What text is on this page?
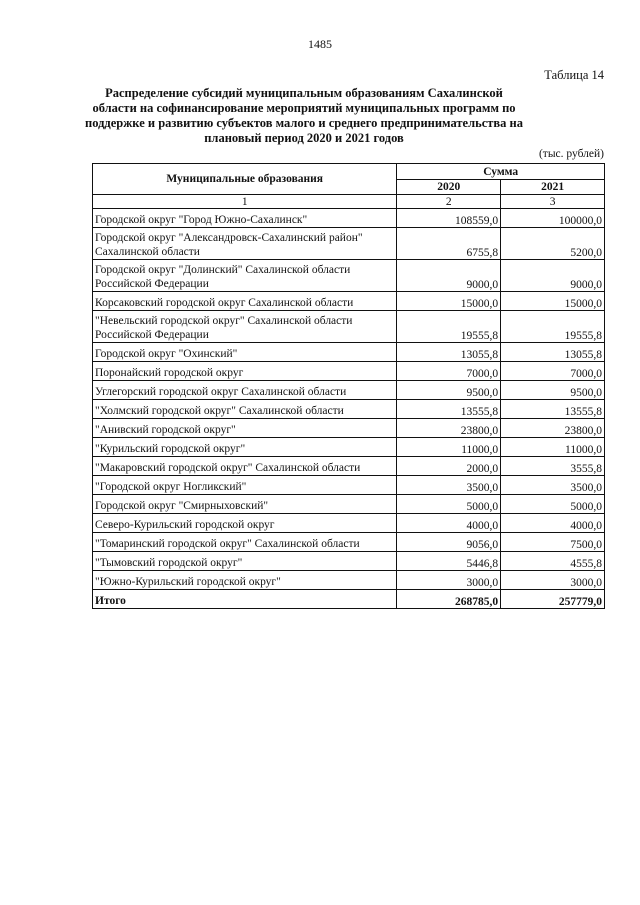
1485
Таблица 14
Распределение субсидий муниципальным образованиям Сахалинской области на софинансирование мероприятий муниципальных программ по поддержке и развитию субъектов малого и среднего предпринимательства на плановый период 2020 и 2021 годов
(тыс. рублей)
Муниципальные образования	Сумма	
	2020	2021
1	2	3
Городской округ "Город Южно-Сахалинск"	108559,0	100000,0
Городской округ "Александровск-Сахалинский район" Сахалинской области	6755,8	5200,0
Городской округ "Долинский" Сахалинской области Российской Федерации	9000,0	9000,0
Корсаковский городской округ Сахалинской области	15000,0	15000,0
"Невельский городской округ" Сахалинской области Российской Федерации	19555,8	19555,8
Городской округ "Охинский"	13055,8	13055,8
Поронайский городской округ	7000,0	7000,0
Углегорский городской округ Сахалинской области	9500,0	9500,0
"Холмский городской округ" Сахалинской области	13555,8	13555,8
"Анивский городской округ"	23800,0	23800,0
"Курильский городской округ"	11000,0	11000,0
"Макаровский городской округ" Сахалинской области	2000,0	3555,8
"Городской округ Ногликский"	3500,0	3500,0
Городской округ "Смирныховский"	5000,0	5000,0
Северо-Курильский городской округ	4000,0	4000,0
"Томаринский городской округ" Сахалинской области	9056,0	7500,0
"Тымовский городской округ"	5446,8	4555,8
"Южно-Курильский городской округ"	3000,0	3000,0
Итого	268785,0	257779,0
